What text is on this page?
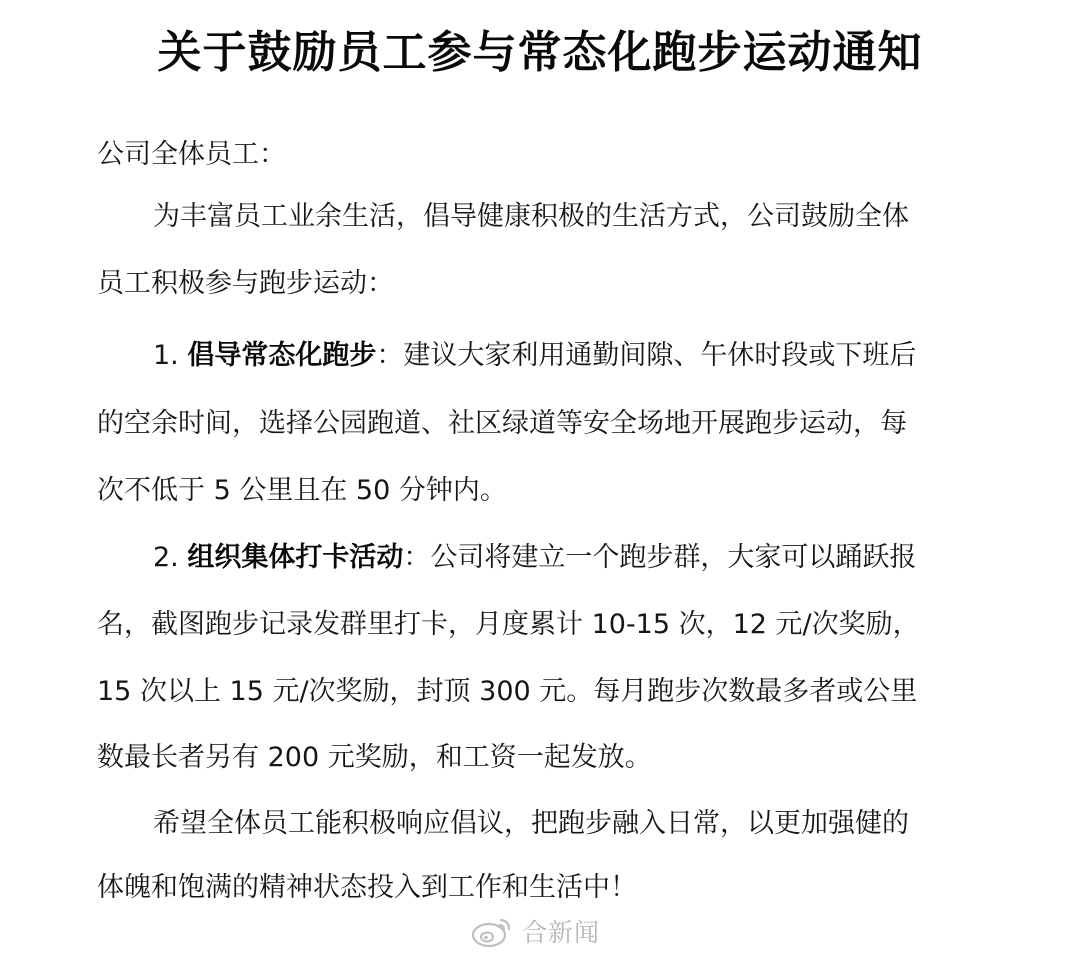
关于鼓励员工参与常态化跑步运动通知
公司全体员工：
为丰富员工业余生活，倡导健康积极的生活方式，公司鼓励全体
员工积极参与跑步运动：
1. 倡导常态化跑步：建议大家利用通勤间隙、午休时段或下班后
的空余时间，选择公园跑道、社区绿道等安全场地开展跑步运动，每
次不低于 5 公里且在 50 分钟内。
2. 组织集体打卡活动：公司将建立一个跑步群，大家可以踊跃报
名，截图跑步记录发群里打卡，月度累计 10-15 次，12 元/次奖励，
15 次以上 15 元/次奖励，封顶 300 元。每月跑步次数最多者或公里
数最长者另有 200 元奖励，和工资一起发放。
希望全体员工能积极响应倡议，把跑步融入日常，以更加强健的
体魄和饱满的精神状态投入到工作和生活中！
合新闻
